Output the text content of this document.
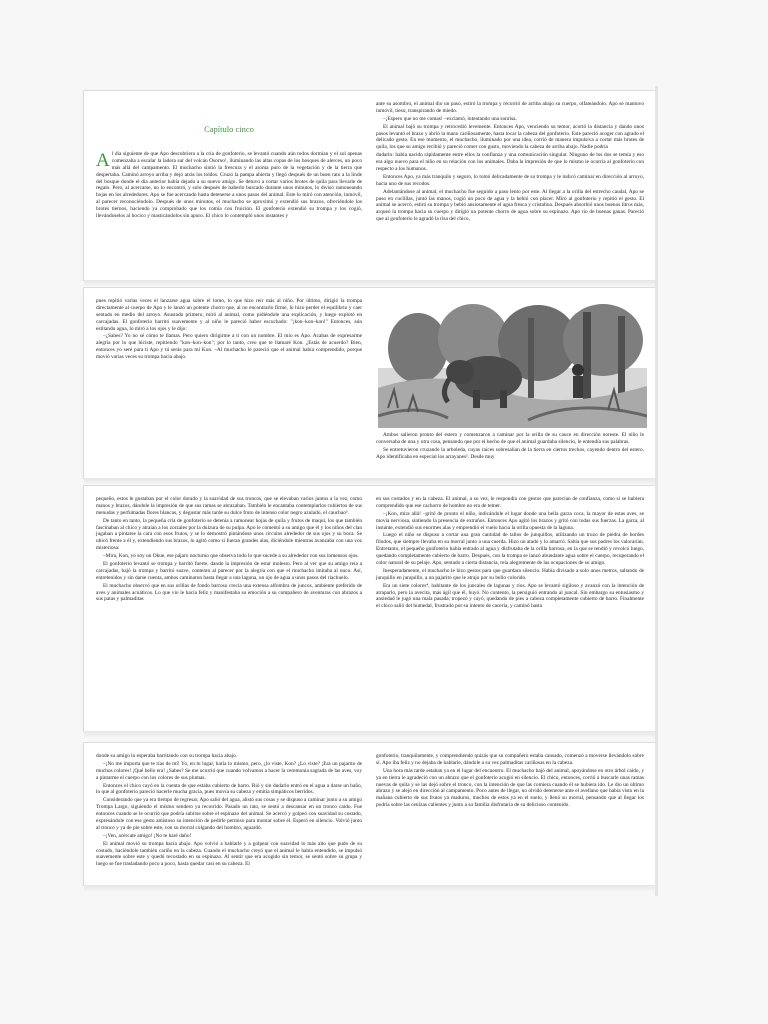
Capítulo cinco

Al día siguiente de que Apo descubriera a la cría de gonfoterio, se levantó cuando aún todos dormían y el sol apenas comenzaba a escalar la ladera sur del volcán Osorno¹, iluminando las altas copas de los bosques de alerces, un poco más allá del campamento. El muchacho sintió la frescura y el aroma puro de la vegetación y de la tierra que despertaba. Caminó arroyo arriba y dejó atrás los toldos. Cruzó la pampa abierta y llegó después de un buen rato a la linde del bosque donde el día anterior había dejado a su nuevo amigo. Se detuvo a cortar varios brotes de quila para llevarle de regalo. Pero, al acercarse, no lo encontró, y solo después de haberlo buscado durante unos minutos, lo divisó ramoneando hojas en los alrededores. Apo se fue acercando hasta detenerse a unos pasos del animal. Este lo miró con atención, inmóvil, al parecer reconociéndolo. Después de unos minutos, el muchacho se aproximó y extendió sus brazos, ofreciéndole los brotes tiernos, haciendo ya comprobado que los comía con fruición. El gonfoterio extendió su trompa y los cogió, llevándoselos al hocico y masticándolos sin apuro. El chico lo contempló unos instantes y

ante su asombro, el animal dio un paso, estiró la trompa y recorrió de arriba abajo su cuerpo, olfateándolo. Apo se mantuvo inmóvil, tieso, transpirando de miedo.

–¡Espero que no me comas! –exclamó, intentando una sonrisa.

El animal bajó su trompa y retrocedió levemente. Entonces Apo, venciendo su temor, acortó la distancia y dando unos pasos levantó el brazo y abrió la mano cariñosamente, hasta tocar la cabeza del gonfoterio. Este pareció acoger con agrado el delicado gesto. En ese momento, el muchacho, iluminado por una idea, corrió de manera impulsiva a cortar más brotes de quila, los que su amigo recibió y pareció comer con gusto, moviendo la cabeza de arriba abajo. Nadie podría

dudarlo: había nacido rápidamente entre ellos la confianza y una comunicación singular. Ninguno de los dos se temía y eso era algo nuevo para el niño en su relación con los animales. Daba la impresión de que lo mismo le ocurría al gonfoterio con respecto a los humanos.

Entonces Apo, ya más tranquilo y seguro, lo tomó delicadamente de su trompa y le indicó caminar en dirección al arroyo, hacia uno de sus recodos.

Adelantándose al animal, el muchacho fue seguido a paso lento por este. Al llegar a la orilla del estrecho caudal, Apo se puso en cuclillas, juntó las manos, cogió un poco de agua y la bebió con placer. Miró al gonfoterio y repitió el gesto. El animal se acercó, estiró su trompa y bebió ansiosamente el agua fresca y cristalina. Después absorbió unos buenos litros más, arqueó la trompa hacia su cuerpo y dirigió un potente chorro de agua sobre su espinazo. Apo rio de buenas ganas. Pareció que al gonfoterio le agradó la risa del chico,

pues repitió varias veces el lanzarse agua sobre el lomo, lo que hizo reír más al niño. Por último, dirigió la trompa directamente al cuerpo de Apo y le lanzó un potente chorro que, al no encontrarlo firme, lo hizo perder el equilibrio y caer sentado en medio del arroyo. Asustado primero, miró al animal, como pidiéndole una explicación, y luego explotó en carcajadas. El gonfoterio barritó suavemente y al niño le pareció haber escuchado: "¡kon–kon–kon!" Entonces, aún estilando agua, lo miró a los ojos y le dijo:

–¿Sabes? Yo no sé cómo te llamas. Pero quiero dirigirme a ti con un nombre. El mío es Apo. Acabas de expresarme alegría por lo que hiciste, repitiendo "kon–kon–kon"; por lo tanto, creo que te llamaré Kon. ¿Estás de acuerdo? Bien, entonces yo seré para ti Apo y tú serás para mí Kon. –Al muchacho le pareció que el animal había comprendido, porque movió varias veces su trompa hacia abajo.

Ambos salieron pronto del estero y comenzaron a caminar por la orilla de su cauce en dirección noreste. El niño le conversaba de una y otra cosa, pensando que por el hecho de que el animal guardaba silencio, le entendía sus palabras.

Se entretuvieron cruzando la arboleda, cuyas raíces sobresalían de la tierra en ciertos trechos, cayendo dentro del estero. Apo identificaba en especial los arrayanes². Desde muy

pequeño, estos le gustaban por el color dorado y la suavidad de sus troncos, que se elevaban varios juntos a la vez, como manos y brazos, dándole la impresión de que sus ramas se abrazaban. También le encantaba contemplarlos cubiertos de sus menudas y perfumadas flores blancas, y degustar más tarde su dulce fruto de intenso color negro azulado, el cauchao³.

De tanto en tanto, la pequeña cría de gonfoterio se detenía a ramonear hojas de quila y frutos de maqui, los que también fascinaban al chico y atraían a los zorzales por la dulzura de su pulpa. Apo le comentó a su amigo que él y los niños del clan jugaban a pintarse la cara con esos frutos, y se lo demostró pintándose unos círculos alrededor de sus ojos y su boca. Se ubicó frente a él y, extendiendo sus brazos, lo agitó como si fueran grandes alas, diciéndole mientras avanzaba con una voz misteriosa:

–Mira, Kon, yo soy un Okue, ese pájaro nocturno que observa todo lo que sucede a su alrededor con sus inmensos ojos.

El gonfoterio levantó se trompa y barritó fuerte, dando la impresión de estar molesto. Pero al ver que su amigo reía a carcajadas, bajó la trompa y barritó suave, contento al parecer por la alegría con que el muchacho imitaba al nuco. Así, entretenidos y sin darse cuenta, ambos caminaron hasta llegar a una laguna, un ojo de agua a unos pasos del riachuelo.

El muchacho observó que en sus orillas de fondo barroso crecía una extensa alfombra de juncos, ambiente preferido de aves y animales acuáticos. Lo que vio le hacía feliz y manifestaba su emoción a su compañero de aventuras con abrazos a sus patas y palmaditas

en sus costados y en la cabeza. El animal, a su vez, le respondía con gestos que parecían de confianza, como si se hubiera comprendido que ese cachorro de hombre no era de temer.

–¡Kon, mira allá! –gritó de pronto el niño, indicándole el lugar donde una bella garza coca, la mayor de estas aves, se movía nerviosa, sintiendo la presencia de extraños. Entonces Apo agitó los brazos y gritó con todas sus fuerzas. La garza, al instante, extendió sus enormes alas y emprendió el vuelo hacia la orilla opuesta de la laguna.

Luego el niño se dispuso a cortar una gran cantidad de tallos de junquillos, utilizando un trozo de piedra de bordes filudos, que siempre llevaba en su morral junto a una cuerda. Hizo un atado y lo amarró. Sabía que sus padres los valorarían. Entretanto, el pequeño gonfoterio había entrado al agua y disfrutaba de la orilla barrosa, en la que se tendió y revolcó luego, quedando completamente cubierto de barro. Después, con la trompa se lanzó abundante agua sobre el cuerpo, recuperando el color natural de su pelaje. Apo, sentado a cierta distancia, reía alegremente de las ocupaciones de su amigo.

Inesperadamente, el muchacho le hizo gestos para que guardara silencio. Había divisado a solo unos metros, saltando de junquillo en junquillo, a un pajarito que le atrajo por su bello colorido.

Era un siete colores⁴, habitante de los juncales de lagunas y ríos. Apo se levantó sigiloso y avanzó con la intención de atraparlo, pero la avecita, más ágil que él, huyó. No contento, la persiguió entrando al juncal. Sin embargo su entusiasmo y ansiedad le jugó una mala pasada; tropezó y cayó, quedando de pies a cabeza completamente cubierto de barro. Finalmente el chico salió del humedal, frustrado por su intento de cacería, y caminó hasta

donde su amigo lo esperaba barritando con su trompa hacia abajo.

–¡No me importa que te rías de mí! Yo, en tu lugar, haría lo mismo, pero, ¿lo viste, Kon? ¿Lo viste? ¡Era un pajarito de muchos colores! ¡Qué bello era! ¿Sabes? Se me ocurrió que cuando volvamos a hacer la ceremonia sagrada de las aves, voy a pintarme el cuerpo con los colores de sus plumas.

Entonces el chico cayó en la cuenta de que estaba cubierto de barro. Rió y sin dudarlo entró en el agua a darse un baño, lo que al gonfoterio pareció hacerle mucha gracia, pues movía su cabeza y emitía simpáticos berridos.

Considerando que ya era tiempo de regresar, Apo salió del agua, alistó sus cosas y se dispuso a caminar junto a su amigo Trompa Largo, siguiendo el mismo sendero ya recorrido. Pasado un rato, se sentó a descansar en un tronco caído. Fue entonces cuando se le ocurrió que podría subirse sobre el espinazo del animal. Se acercó y golpeó con suavidad su costado, expresándole con ese gesto amistoso su intención de pedirle permiso para montar sobre él. Esperó en silencio. Volvió junto al tronco y ya de pie sobre este, con su morral colgando del hombro, aguardó.

–¡Ven, acércate amigo! ¡No te haré daño!

El animal movió su trompa hacia abajo. Apo volvió a hablarle y a golpear con suavidad lo más alto que pudo de su costado, haciéndole también cariño en la cabeza. Cuando el muchacho creyó que el animal le había entendido, se impulsó suavemente sobre este y quedó recostado en su espinazo. Al sentir que era acogido sin temor, se sentó sobre su grupa y luego se fue trasladando poco a poco, hasta quedar casi en su cabeza. El

gonfoterio, tranquilamente, y comprendiendo quizás que su compañero estaba cansado, comenzó a moverse llevándolo sobre sí. Apo iba feliz y no dejaba de hablarle, dándole a su vez palmaditas cariñosas en la cabeza.

Una hora más tarde estaban ya en el lugar del encuentro. El muchacho bajó del animal, apoyándose en otro árbol caído, y ya en tierra le agradeció con un abrazo que el gonfoterio acogió en silencio. El chico, entonces, corrió a buscarle unas ramas nuevas de quila y se las dejó sobre el tronco, con la intención de que las comiera cuando él se hubiera ido. Le dio un último abrazo y se alejó en dirección al campamento. Poco antes de llegar, no olvidó detenerse ante el avellano que había visto en la mañana cubierto de sus frutos ya maduros, muchos de estos ya en el suelo, y llenó su morral, pensando que al llegar los podría sobre las cenizas calientes y junto a su familia disfrutaría de su delicioso contenido.
